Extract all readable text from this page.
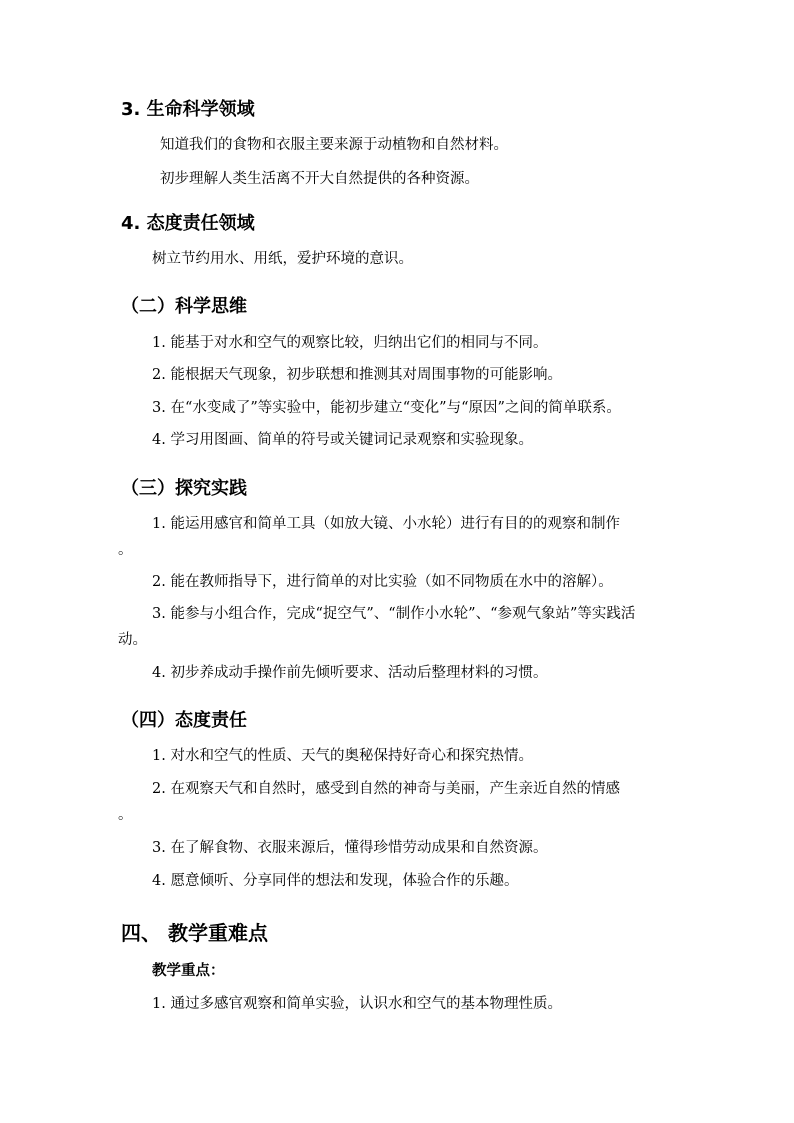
3. 生命科学领域
知道我们的食物和衣服主要来源于动植物和自然材料。
初步理解人类生活离不开大自然提供的各种资源。
4. 态度责任领域
树立节约用水、用纸，爱护环境的意识。
（二）科学思维
1. 能基于对水和空气的观察比较，归纳出它们的相同与不同。
2. 能根据天气现象，初步联想和推测其对周围事物的可能影响。
3. 在“水变咸了”等实验中，能初步建立“变化”与“原因”之间的简单联系。
4. 学习用图画、简单的符号或关键词记录观察和实验现象。
（三）探究实践
1. 能运用感官和简单工具（如放大镜、小水轮）进行有目的的观察和制作
。
2. 能在教师指导下，进行简单的对比实验（如不同物质在水中的溶解）。
3. 能参与小组合作，完成“捉空气”、“制作小水轮”、“参观气象站”等实践活
动。
4. 初步养成动手操作前先倾听要求、活动后整理材料的习惯。
（四）态度责任
1. 对水和空气的性质、天气的奥秘保持好奇心和探究热情。
2. 在观察天气和自然时，感受到自然的神奇与美丽，产生亲近自然的情感
。
3. 在了解食物、衣服来源后，懂得珍惜劳动成果和自然资源。
4. 愿意倾听、分享同伴的想法和发现，体验合作的乐趣。
四、 教学重难点
教学重点：
1. 通过多感官观察和简单实验，认识水和空气的基本物理性质。
